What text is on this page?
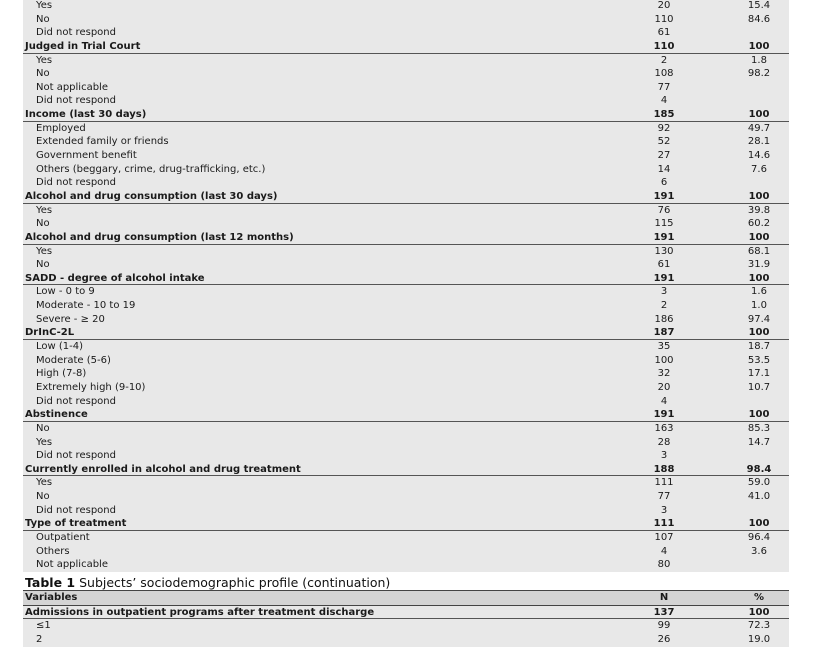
Yes	20	15.4
No	110	84.6
Did not respond	61
Judged in Trial Court	110	100
Yes	2	1.8
No	108	98.2
Not applicable	77
Did not respond	4
Income (last 30 days)	185	100
Employed	92	49.7
Extended family or friends	52	28.1
Government benefit	27	14.6
Others (beggary, crime, drug-trafficking, etc.)	14	7.6
Did not respond	6
Alcohol and drug consumption (last 30 days)	191	100
Yes	76	39.8
No	115	60.2
Alcohol and drug consumption (last 12 months)	191	100
Yes	130	68.1
No	61	31.9
SADD - degree of alcohol intake	191	100
Low - 0 to 9	3	1.6
Moderate - 10 to 19	2	1.0
Severe - ≥ 20	186	97.4
DrInC-2L	187	100
Low (1-4)	35	18.7
Moderate (5-6)	100	53.5
High (7-8)	32	17.1
Extremely high (9-10)	20	10.7
Did not respond	4
Abstinence	191	100
No	163	85.3
Yes	28	14.7
Did not respond	3
Currently enrolled in alcohol and drug treatment	188	98.4
Yes	111	59.0
No	77	41.0
Did not respond	3
Type of treatment	111	100
Outpatient	107	96.4
Others	4	3.6
Not applicable	80
Table 1 Subjects’ sociodemographic profile (continuation)
Variables	N	%
Admissions in outpatient programs after treatment discharge	137	100
≤1	99	72.3
2	26	19.0
